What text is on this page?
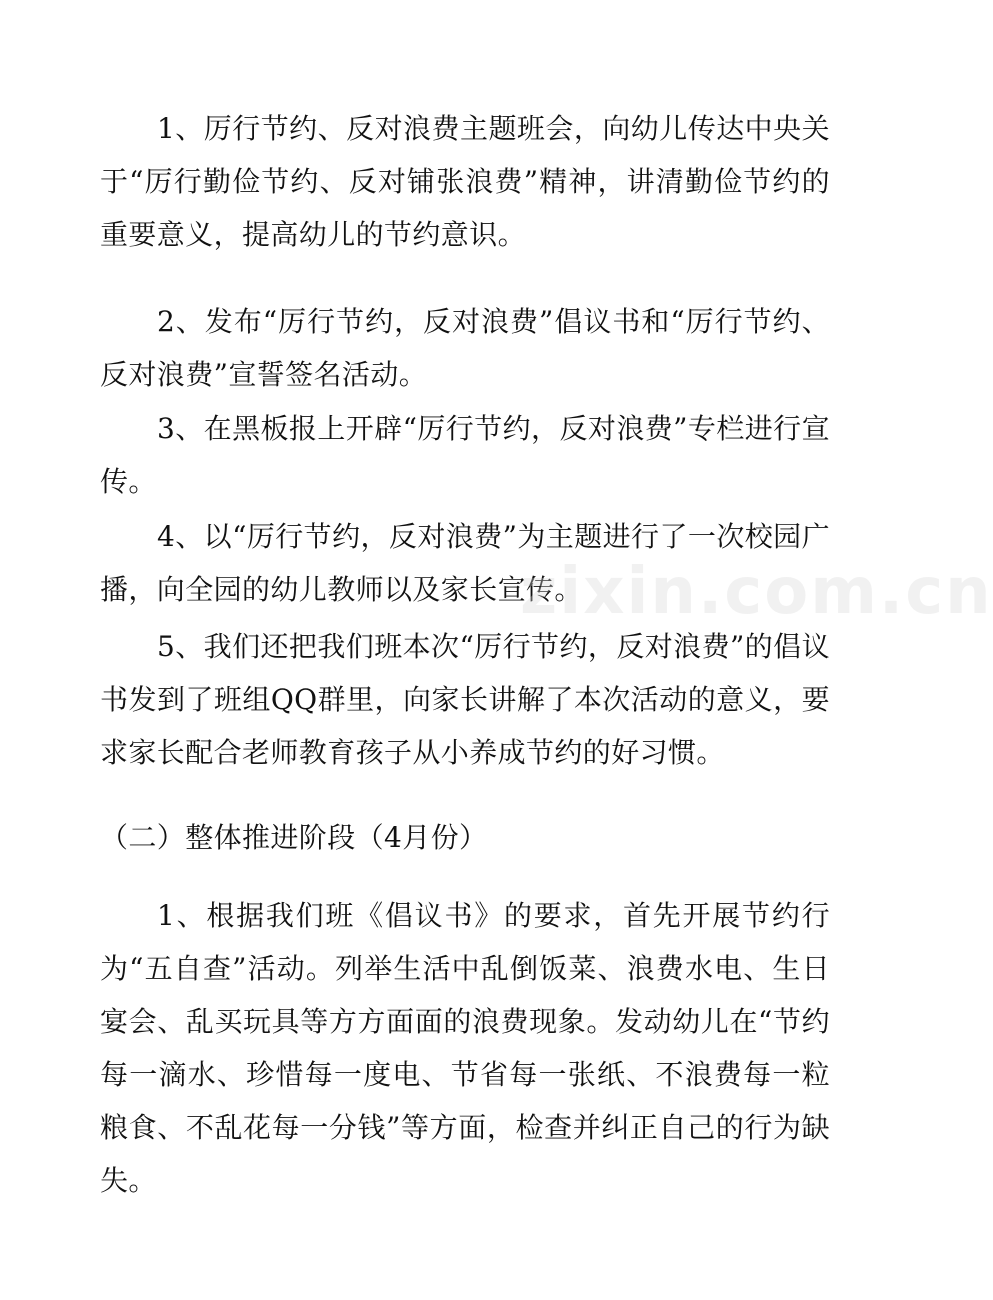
1、厉行节约、反对浪费主题班会，向幼儿传达中央关于“厉行勤俭节约、反对铺张浪费”精神，讲清勤俭节约的重要意义，提高幼儿的节约意识。

2、发布“厉行节约，反对浪费”倡议书和“厉行节约、反对浪费”宣誓签名活动。

3、在黑板报上开辟“厉行节约，反对浪费”专栏进行宣传。

4、以“厉行节约，反对浪费”为主题进行了一次校园广播，向全园的幼儿教师以及家长宣传。

5、我们还把我们班本次“厉行节约，反对浪费”的倡议书发到了班组QQ群里，向家长讲解了本次活动的意义，要求家长配合老师教育孩子从小养成节约的好习惯。

（二）整体推进阶段（4月份）

1、根据我们班《倡议书》的要求，首先开展节约行为“五自查”活动。列举生活中乱倒饭菜、浪费水电、生日宴会、乱买玩具等方方面面的浪费现象。发动幼儿在“节约每一滴水、珍惜每一度电、节省每一张纸、不浪费每一粒粮食、不乱花每一分钱”等方面，检查并纠正自己的行为缺失。

zixin.com.cn
